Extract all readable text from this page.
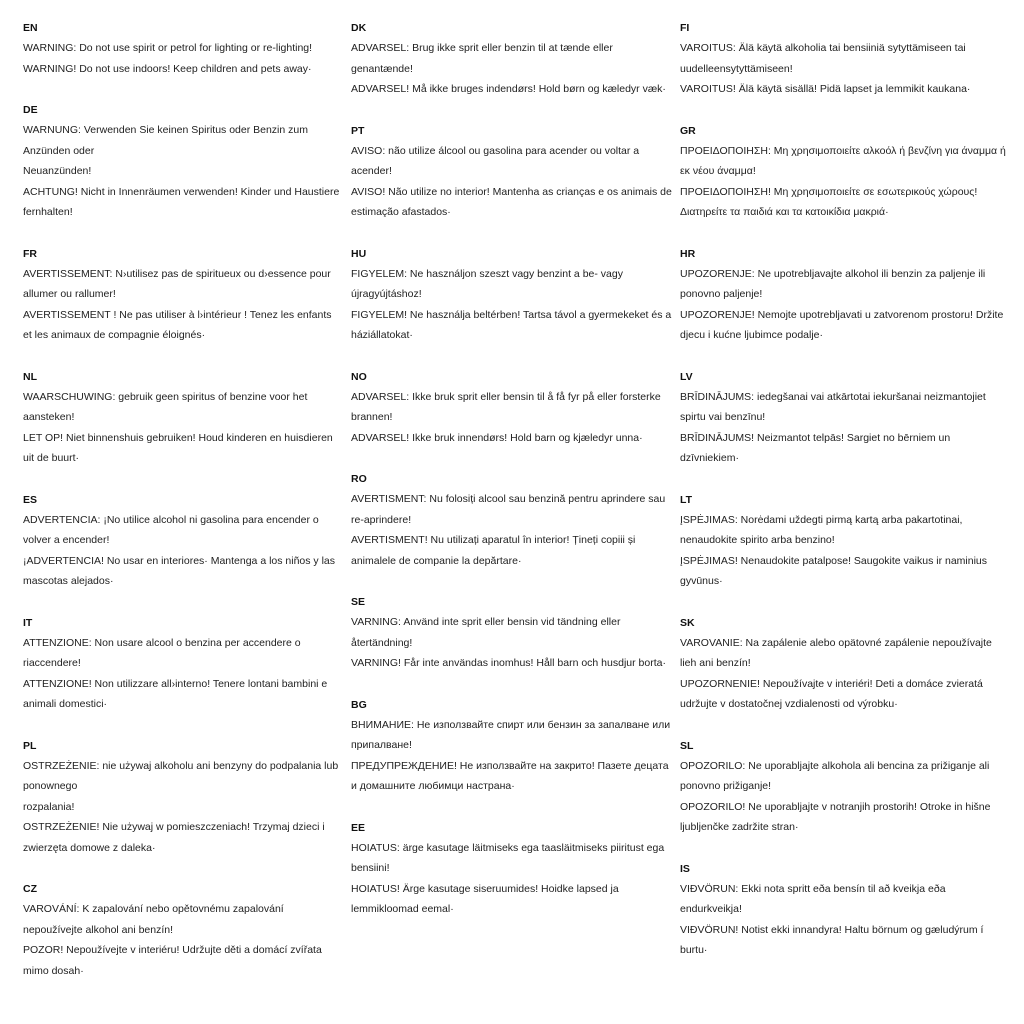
EN
WARNING: Do not use spirit or petrol for lighting or re-lighting!
WARNING! Do not use indoors! Keep children and pets away·
DE
WARNUNG: Verwenden Sie keinen Spiritus oder Benzin zum Anzünden oder
Neuanzünden!
ACHTUNG! Nicht in Innenräumen verwenden! Kinder und Haustiere fernhalten!
FR
AVERTISSEMENT: N›utilisez pas de spiritueux ou d›essence pour allumer ou rallumer!
AVERTISSEMENT ! Ne pas utiliser à l›intérieur ! Tenez les enfants et les animaux de compagnie éloignés·
NL
WAARSCHUWING: gebruik geen spiritus of benzine voor het aansteken!
LET OP! Niet binnenshuis gebruiken! Houd kinderen en huisdieren uit de buurt·
ES
ADVERTENCIA: ¡No utilice alcohol ni gasolina para encender o volver a encender!
¡ADVERTENCIA! No usar en interiores· Mantenga a los niños y las mascotas alejados·
IT
ATTENZIONE: Non usare alcool o benzina per accendere o riaccendere!
ATTENZIONE! Non utilizzare all›interno! Tenere lontani bambini e animali domestici·
PL
OSTRZEŻENIE: nie używaj alkoholu ani benzyny do podpalania lub ponownego
rozpalania!
OSTRZEŻENIE! Nie używaj w pomieszczeniach! Trzymaj dzieci i zwierzęta domowe z daleka·
CZ
VAROVÁNÍ: K zapalování nebo opětovnému zapalování nepoužívejte alkohol ani benzín!
POZOR! Nepoužívejte v interiéru! Udržujte děti a domácí zvířata mimo dosah·
DK
ADVARSEL: Brug ikke sprit eller benzin til at tænde eller genantænde!
ADVARSEL! Må ikke bruges indendørs! Hold børn og kæledyr væk·
PT
AVISO: não utilize álcool ou gasolina para acender ou voltar a acender!
AVISO! Não utilize no interior! Mantenha as crianças e os animais de estimação afastados·
HU
FIGYELEM: Ne használjon szeszt vagy benzint a be- vagy újragyújtáshoz!
FIGYELEM! Ne használja beltérben! Tartsa távol a gyermekeket és a háziállatokat·
NO
ADVARSEL: Ikke bruk sprit eller bensin til å få fyr på eller forsterke brannen!
ADVARSEL! Ikke bruk innendørs! Hold barn og kjæledyr unna·
RO
AVERTISMENT: Nu folosiți alcool sau benzină pentru aprindere sau re-aprindere!
AVERTISMENT! Nu utilizați aparatul în interior! Țineți copiii și animalele de companie la depărtare·
SE
VARNING: Använd inte sprit eller bensin vid tändning eller återtändning!
VARNING! Får inte användas inomhus! Håll barn och husdjur borta·
BG
ВНИМАНИЕ: Не използвайте спирт или бензин за запалване или припалване!
ПРЕДУПРЕЖДЕНИЕ! Не използвайте на закрито! Пазете децата и домашните любимци настрана·
EE
HOIATUS: ärge kasutage läitmiseks ega taasläitmiseks piiritust ega bensiini!
HOIATUS! Ärge kasutage siseruumides! Hoidke lapsed ja lemmikloomad eemal·
FI
VAROITUS: Älä käytä alkoholia tai bensiiniä sytyttämiseen tai uudelleensytyttämiseen!
VAROITUS! Älä käytä sisällä! Pidä lapset ja lemmikit kaukana·
GR
ΠΡΟΕΙΔΟΠΟΙΗΣΗ: Μη χρησιμοποιείτε αλκοόλ ή βενζίνη για άναμμα ή εκ νέου άναμμα!
ΠΡΟΕΙΔΟΠΟΙΗΣΗ! Μη χρησιμοποιείτε σε εσωτερικούς χώρους! Διατηρείτε τα παιδιά και τα κατοικίδια μακριά·
HR
UPOZORENJE: Ne upotrebljavajte alkohol ili benzin za paljenje ili ponovno paljenje!
UPOZORENJE! Nemojte upotrebljavati u zatvorenom prostoru! Držite djecu i kućne ljubimce podalje·
LV
BRĪDINĀJUMS: iedegšanai vai atkārtotai iekuršanai neizmantojiet spirtu vai benzīnu!
BRĪDINĀJUMS! Neizmantot telpās! Sargiet no bērniem un dzīvniekiem·
LT
ĮSPĖJIMAS: Norėdami uždegti pirmą kartą arba pakartotinai, nenaudokite spirito arba benzino!
ĮSPĖJIMAS! Nenaudokite patalpose! Saugokite vaikus ir naminius gyvūnus·
SK
VAROVANIE: Na zapálenie alebo opätovné zapálenie nepoužívajte lieh ani benzín!
UPOZORNENIE! Nepoužívajte v interiéri! Deti a domáce zvieratá udržujte v dostatočnej vzdialenosti od výrobku·
SL
OPOZORILO: Ne uporabljajte alkohola ali bencina za prižiganje ali ponovno prižiganje!
OPOZORILO! Ne uporabljajte v notranjih prostorih! Otroke in hišne ljubljenčke zadržite stran·
IS
VIÐVÖRUN: Ekki nota spritt eða bensín til að kveikja eða endurkveikja!
VIÐVÖRUN! Notist ekki innandyra! Haltu börnum og gæludýrum í burtu·
